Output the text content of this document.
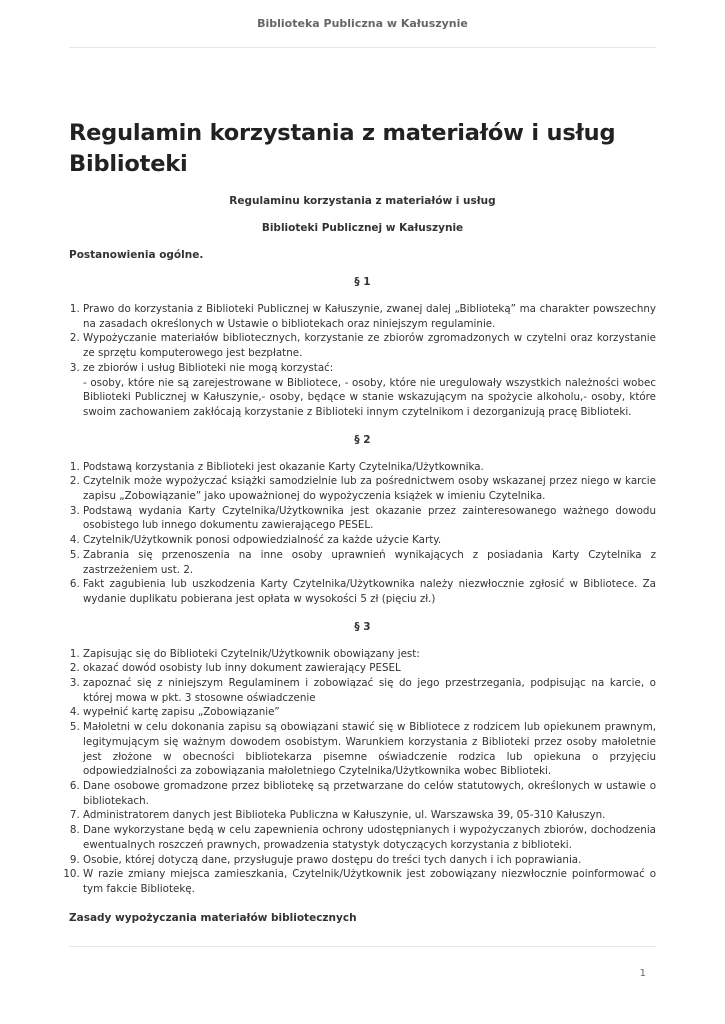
Biblioteka Publiczna w Kałuszynie
Regulamin korzystania z materiałów i usług Biblioteki

Regulaminu korzystania z materiałów i usług

Biblioteki Publicznej w Kałuszynie

Postanowienia ogólne.

§ 1

1. Prawo do korzystania z Biblioteki Publicznej w Kałuszynie, zwanej dalej „Biblioteką” ma charakter powszechny na zasadach określonych w Ustawie o bibliotekach oraz niniejszym regulaminie.
2. Wypożyczanie materiałów bibliotecznych, korzystanie ze zbiorów zgromadzonych w czytelni oraz korzystanie ze sprzętu komputerowego jest bezpłatne.
3. ze zbiorów i usług Biblioteki nie mogą korzystać:
- osoby, które nie są zarejestrowane w Bibliotece, - osoby, które nie uregulowały wszystkich należności wobec Biblioteki Publicznej w Kałuszynie,- osoby, będące w stanie wskazującym na spożycie alkoholu,- osoby, które swoim zachowaniem zakłócają korzystanie z Biblioteki innym czytelnikom i dezorganizują pracę Biblioteki.

§ 2

1. Podstawą korzystania z Biblioteki jest okazanie Karty Czytelnika/Użytkownika.
2. Czytelnik może wypożyczać książki samodzielnie lub za pośrednictwem osoby wskazanej przez niego w karcie zapisu „Zobowiązanie” jako upoważnionej do wypożyczenia książek w imieniu Czytelnika.
3. Podstawą wydania Karty Czytelnika/Użytkownika jest okazanie przez zainteresowanego ważnego dowodu osobistego lub innego dokumentu zawierającego PESEL.
4. Czytelnik/Użytkownik ponosi odpowiedzialność za każde użycie Karty.
5. Zabrania się przenoszenia na inne osoby uprawnień wynikających z posiadania Karty Czytelnika z zastrzeżeniem ust. 2.
6. Fakt zagubienia lub uszkodzenia Karty Czytelnika/Użytkownika należy niezwłocznie zgłosić w Bibliotece. Za wydanie duplikatu pobierana jest opłata w wysokości 5 zł (pięciu zł.)

§ 3

1. Zapisując się do Biblioteki Czytelnik/Użytkownik obowiązany jest:
2. okazać dowód osobisty lub inny dokument zawierający PESEL
3. zapoznać się z niniejszym Regulaminem i zobowiązać się do jego przestrzegania, podpisując na karcie, o której mowa w pkt. 3 stosowne oświadczenie
4. wypełnić kartę zapisu „Zobowiązanie”
5. Małoletni w celu dokonania zapisu są obowiązani stawić się w Bibliotece z rodzicem lub opiekunem prawnym, legitymującym się ważnym dowodem osobistym. Warunkiem korzystania z Biblioteki przez osoby małoletnie jest złożone w obecności bibliotekarza pisemne oświadczenie rodzica lub opiekuna o przyjęciu odpowiedzialności za zobowiązania małoletniego Czytelnika/Użytkownika wobec Biblioteki.
6. Dane osobowe gromadzone przez bibliotekę są przetwarzane do celów statutowych, określonych w ustawie o bibliotekach.
7. Administratorem danych jest Biblioteka Publiczna w Kałuszynie, ul. Warszawska 39, 05-310 Kałuszyn.
8. Dane wykorzystane będą w celu zapewnienia ochrony udostępnianych i wypożyczanych zbiorów, dochodzenia ewentualnych roszczeń prawnych, prowadzenia statystyk dotyczących korzystania z biblioteki.
9. Osobie, której dotyczą dane, przysługuje prawo dostępu do treści tych danych i ich poprawiania.
10. W razie zmiany miejsca zamieszkania, Czytelnik/Użytkownik jest zobowiązany niezwłocznie poinformować o tym fakcie Bibliotekę.

Zasady wypożyczania materiałów bibliotecznych

1
